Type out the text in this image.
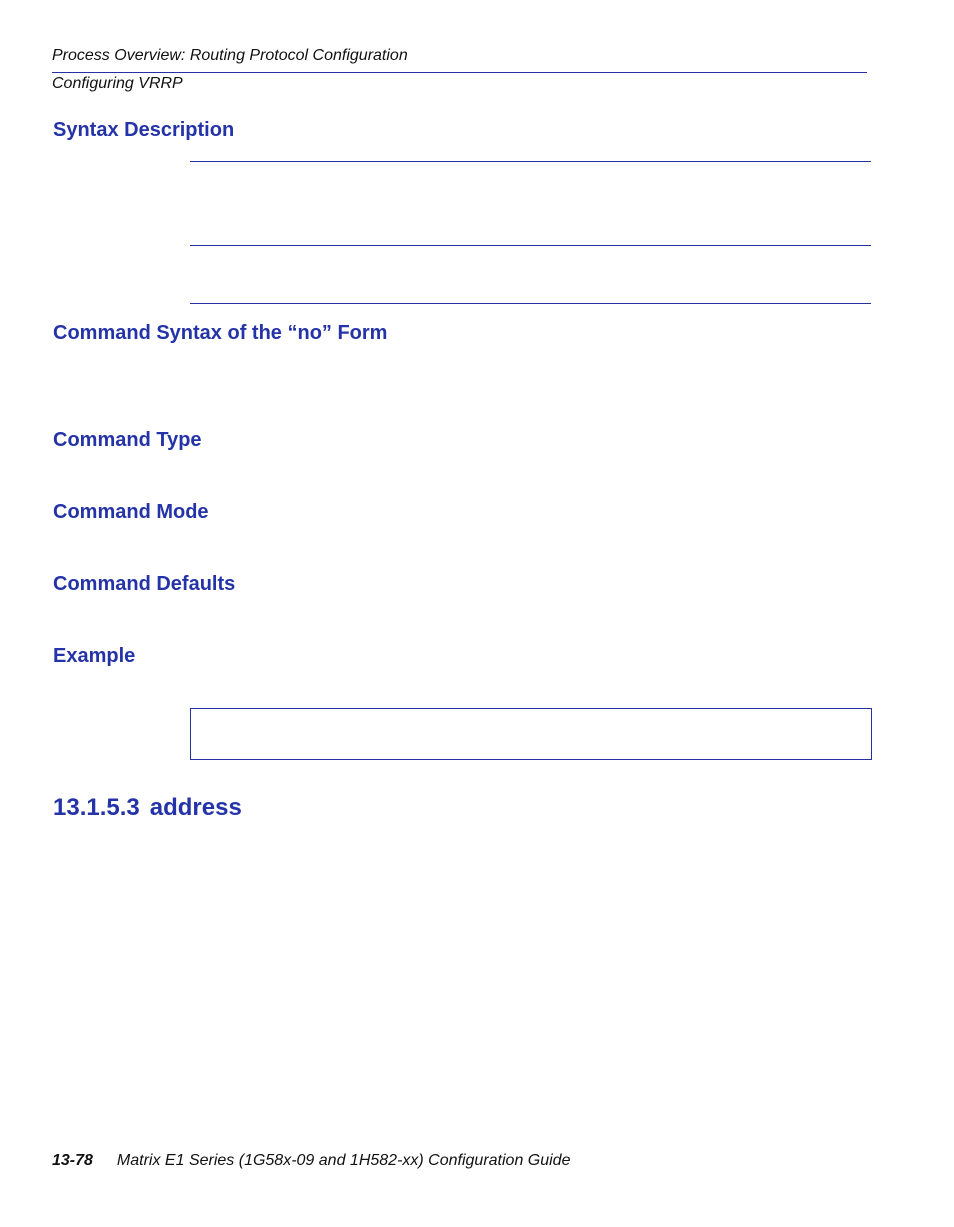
Process Overview: Routing Protocol Configuration
Configuring VRRP
Syntax Description
Command Syntax of the “no” Form
Command Type
Command Mode
Command Defaults
Example
13.1.5.3 address
13-78 Matrix E1 Series (1G58x-09 and 1H582-xx) Configuration Guide
